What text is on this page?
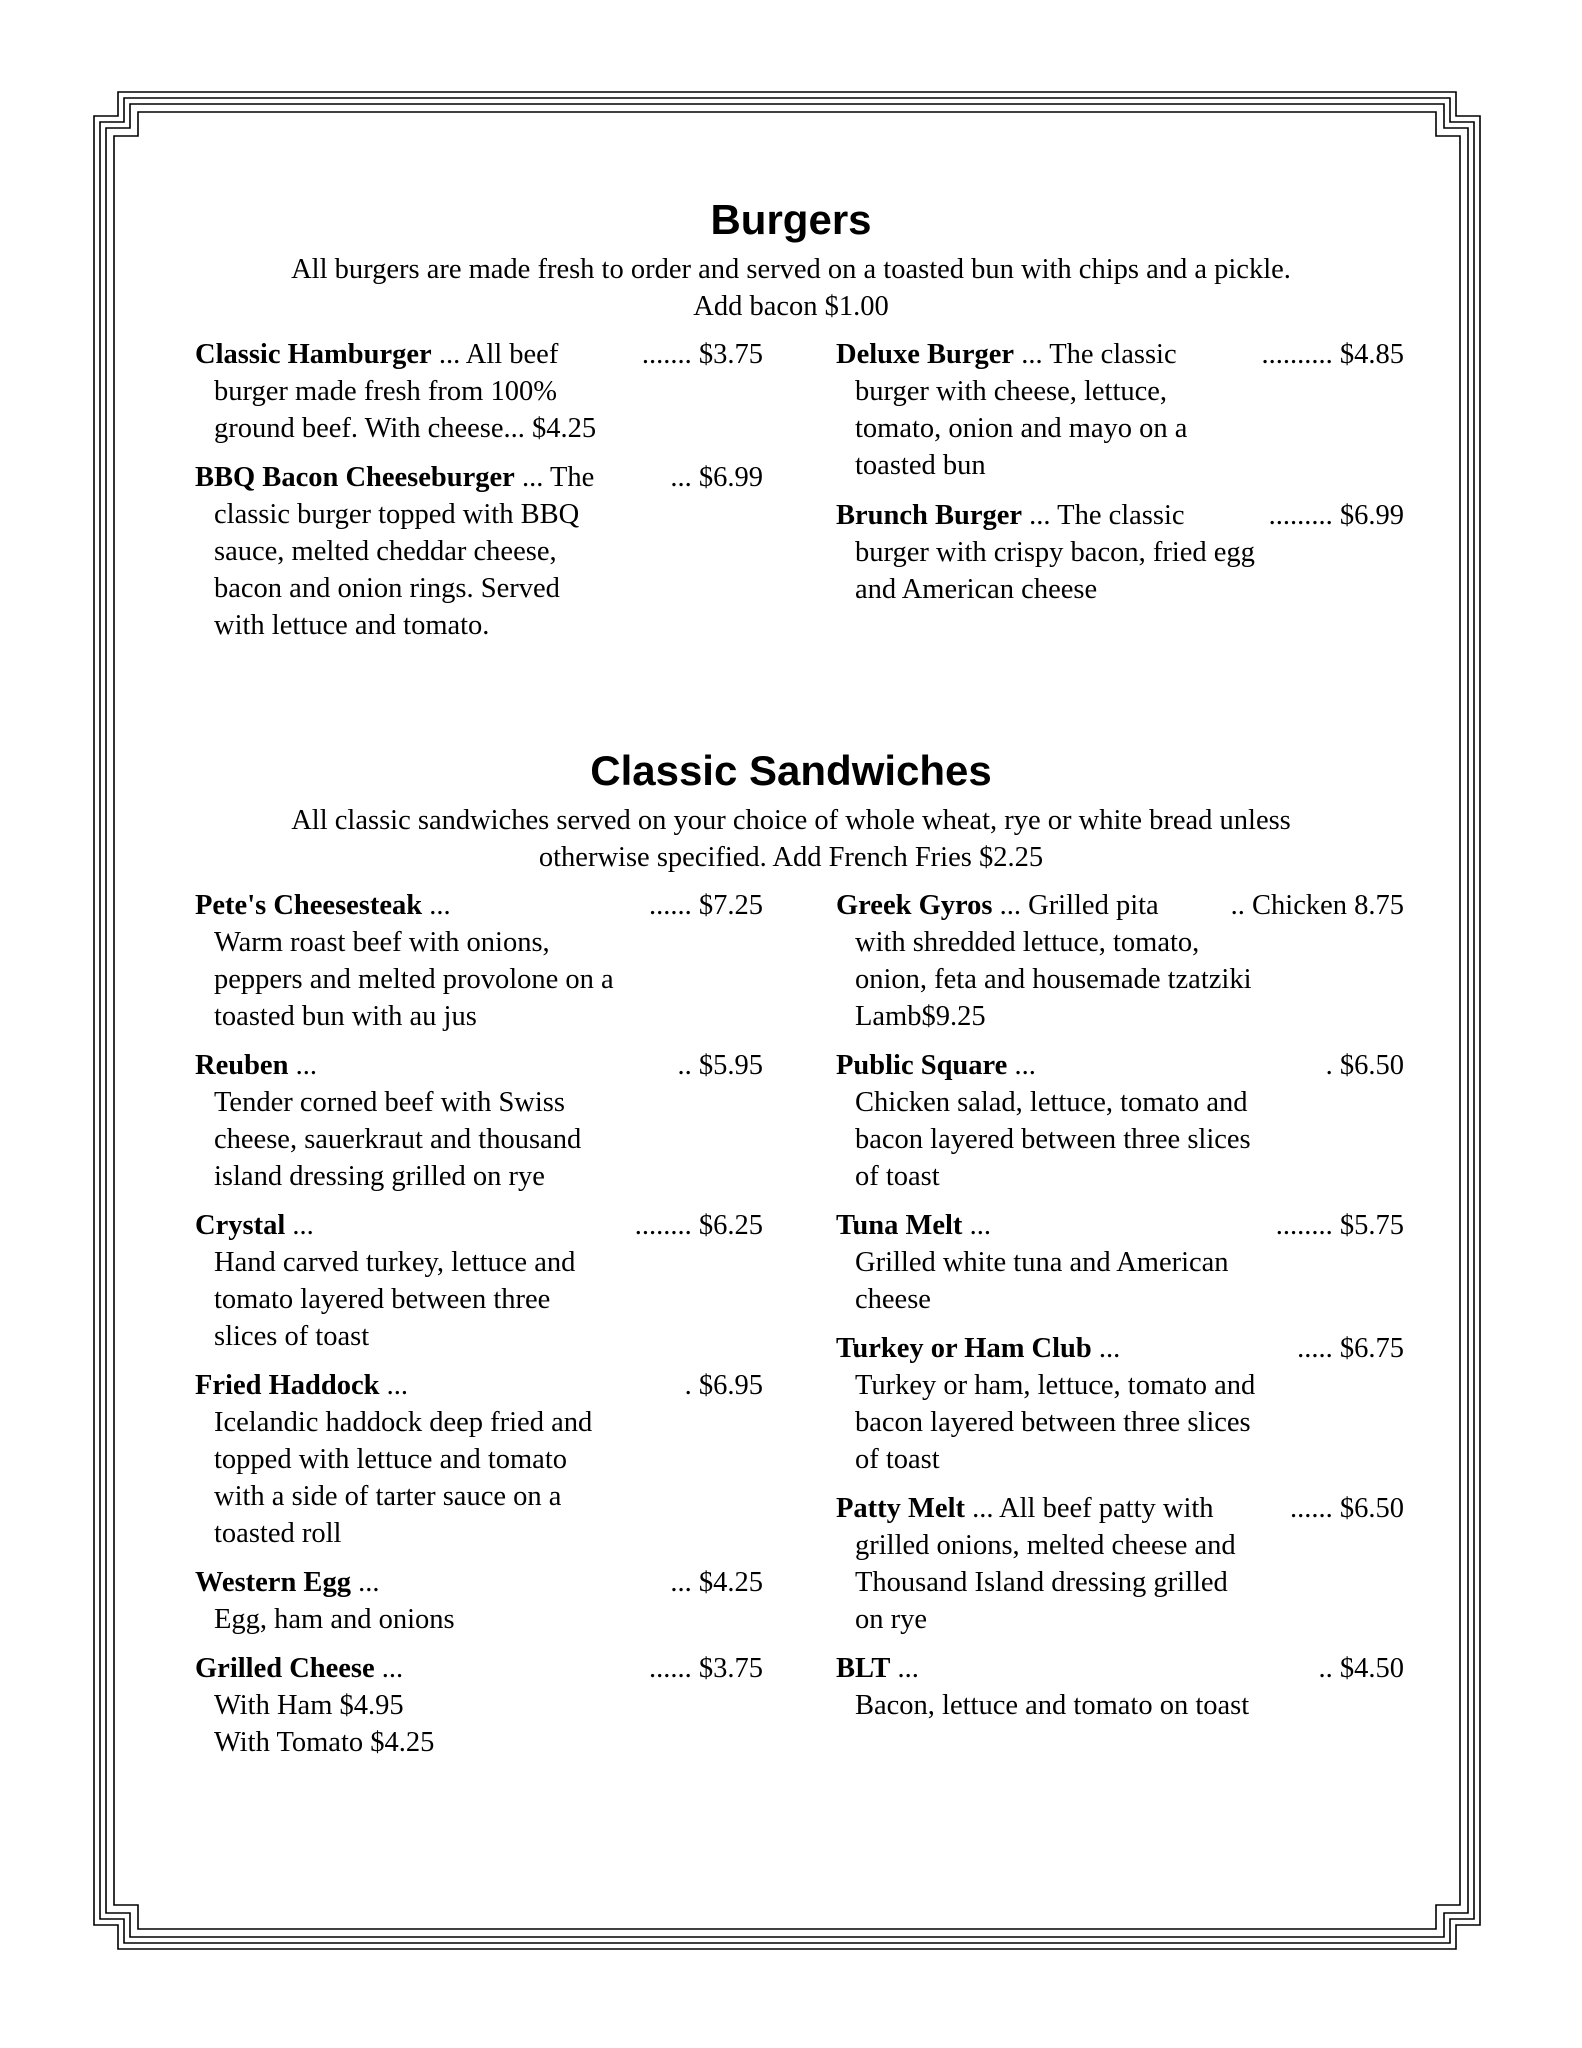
Burgers
All burgers are made fresh to order and served on a toasted bun with chips and a pickle.
Add bacon $1.00
Classic Hamburger ... All beef	....... $3.75
burger made fresh from 100%
ground beef. With cheese... $4.25
BBQ Bacon Cheeseburger ... The	... $6.99
classic burger topped with BBQ
sauce, melted cheddar cheese,
bacon and onion rings. Served
with lettuce and tomato.
Deluxe Burger ... The classic	.......... $4.85
burger with cheese, lettuce,
tomato, onion and mayo on a
toasted bun
Brunch Burger ... The classic	......... $6.99
burger with crispy bacon, fried egg
and American cheese
Classic Sandwiches
All classic sandwiches served on your choice of whole wheat, rye or white bread unless
otherwise specified. Add French Fries $2.25
Pete's Cheesesteak ...	...... $7.25
Warm roast beef with onions,
peppers and melted provolone on a
toasted bun with au jus
Reuben ...	.. $5.95
Tender corned beef with Swiss
cheese, sauerkraut and thousand
island dressing grilled on rye
Crystal ...	........ $6.25
Hand carved turkey, lettuce and
tomato layered between three
slices of toast
Fried Haddock ...	. $6.95
Icelandic haddock deep fried and
topped with lettuce and tomato
with a side of tarter sauce on a
toasted roll
Western Egg ...	... $4.25
Egg, ham and onions
Grilled Cheese ...	...... $3.75
With Ham $4.95
With Tomato $4.25
Greek Gyros ... Grilled pita	.. Chicken 8.75
with shredded lettuce, tomato,
onion, feta and housemade tzatziki
Lamb$9.25
Public Square ...	. $6.50
Chicken salad, lettuce, tomato and
bacon layered between three slices
of toast
Tuna Melt ...	........ $5.75
Grilled white tuna and American
cheese
Turkey or Ham Club ...	..... $6.75
Turkey or ham, lettuce, tomato and
bacon layered between three slices
of toast
Patty Melt ... All beef patty with	...... $6.50
grilled onions, melted cheese and
Thousand Island dressing grilled
on rye
BLT ...	.. $4.50
Bacon, lettuce and tomato on toast
